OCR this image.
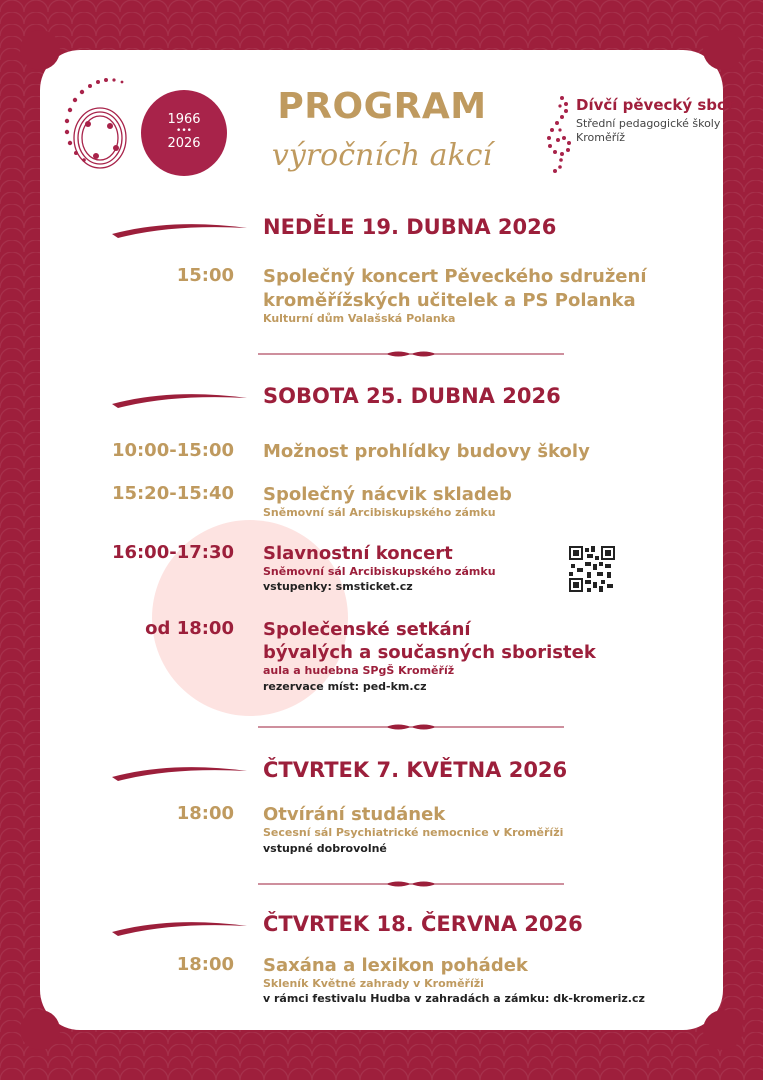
1966
•••
2026
PROGRAM
výročních akcí
Dívčí pěvecký sbor
Střední pedagogické školy
Kroměříž
NEDĚLE 19. DUBNA 2026
15:00 Společný koncert Pěveckého sdružení
kroměřížských učitelek a PS Polanka
Kulturní dům Valašská Polanka
SOBOTA 25. DUBNA 2026
10:00-15:00 Možnost prohlídky budovy školy
15:20-15:40 Společný nácvik skladeb
Sněmovní sál Arcibiskupského zámku
16:00-17:30 Slavnostní koncert
Sněmovní sál Arcibiskupského zámku
vstupenky: smsticket.cz
od 18:00 Společenské setkání
bývalých a současných sboristek
aula a hudebna SPgŠ Kroměříž
rezervace míst: ped-km.cz
ČTVRTEK 7. KVĚTNA 2026
18:00 Otvírání studánek
Secesní sál Psychiatrické nemocnice v Kroměříži
vstupné dobrovolné
ČTVRTEK 18. ČERVNA 2026
18:00 Saxána a lexikon pohádek
Skleník Květné zahrady v Kroměříži
v rámci festivalu Hudba v zahradách a zámku: dk-kromeriz.cz
